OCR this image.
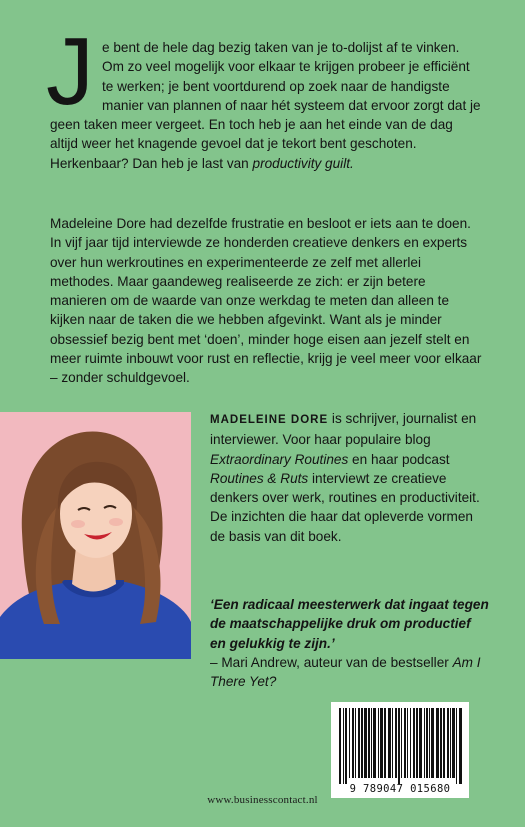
Je bent de hele dag bezig taken van je to-dolijst af te vinken. Om zo veel mogelijk voor elkaar te krijgen probeer je efficiënt te werken; je bent voortdurend op zoek naar de handigste manier van plannen of naar hét systeem dat ervoor zorgt dat je geen taken meer vergeet. En toch heb je aan het einde van de dag altijd weer het knagende gevoel dat je tekort bent geschoten. Herkenbaar? Dan heb je last van productivity guilt.

Madeleine Dore had dezelfde frustratie en besloot er iets aan te doen. In vijf jaar tijd interviewde ze honderden creatieve denkers en experts over hun werkroutines en experimenteerde ze zelf met allerlei methodes. Maar gaandeweg realiseerde ze zich: er zijn betere manieren om de waarde van onze werkdag te meten dan alleen te kijken naar de taken die we hebben afgevinkt. Want als je minder obsessief bezig bent met ‘doen’, minder hoge eisen aan jezelf stelt en meer ruimte inbouwt voor rust en reflectie, krijg je veel meer voor elkaar – zonder schuldgevoel.

MADELEINE DORE is schrijver, journalist en interviewer. Voor haar populaire blog Extraordinary Routines en haar podcast Routines & Ruts interviewt ze creatieve denkers over werk, routines en productiviteit. De inzichten die haar dat opleverde vormen de basis van dit boek.

‘Een radicaal meesterwerk dat ingaat tegen de maatschappelijke druk om productief en gelukkig te zijn.’
– Mari Andrew, auteur van de bestseller Am I There Yet?

9 789047 015680
www.businesscontact.nl
